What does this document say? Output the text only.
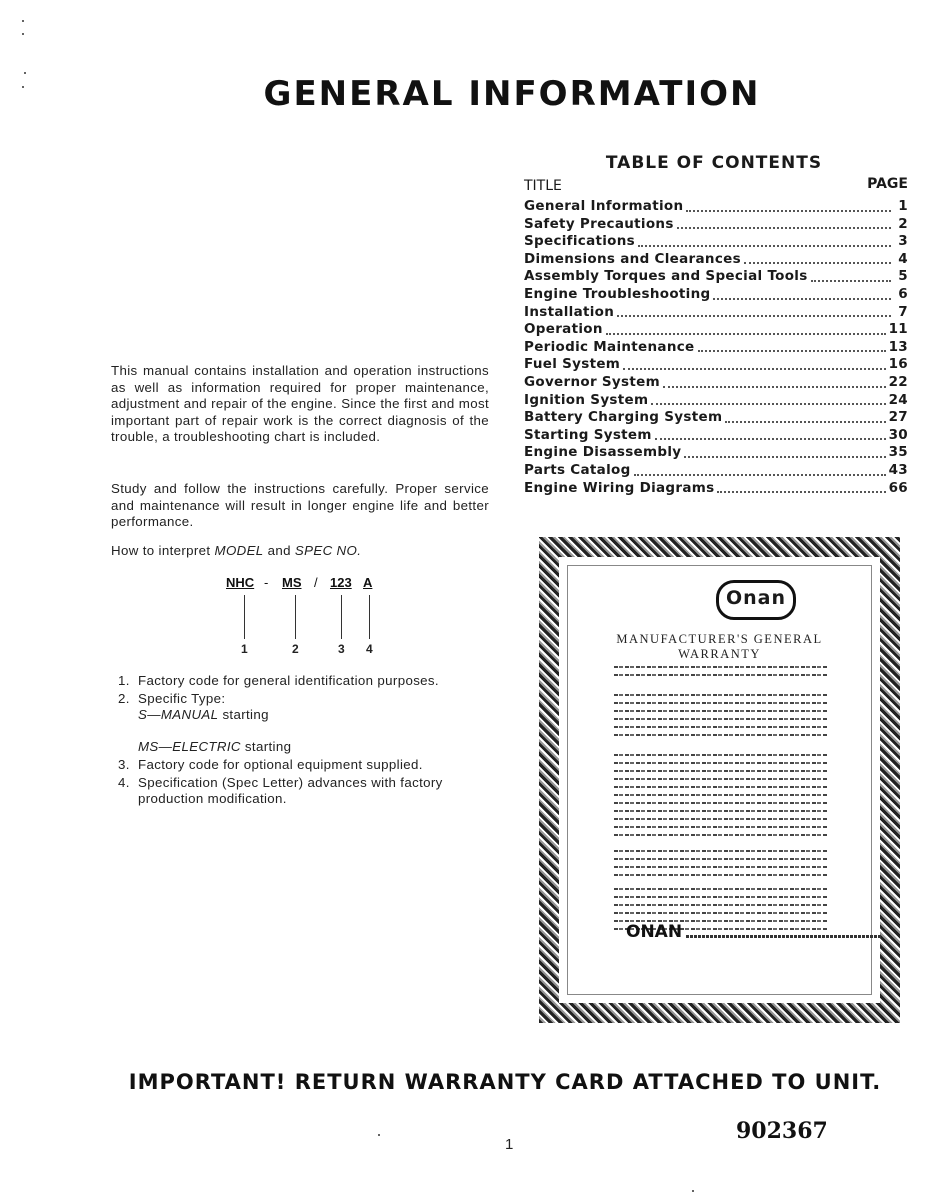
GENERAL INFORMATION
TABLE OF CONTENTS
TITLE	PAGE
General Information	1
Safety Precautions	2
Specifications	3
Dimensions and Clearances	4
Assembly Torques and Special Tools	5
Engine Troubleshooting	6
Installation	7
Operation	11
Periodic Maintenance	13
Fuel System	16
Governor System	22
Ignition System	24
Battery Charging System	27
Starting System	30
Engine Disassembly	35
Parts Catalog	43
Engine Wiring Diagrams	66
This manual contains installation and operation instructions as well as information required for proper maintenance, adjustment and repair of the engine. Since the first and most important part of repair work is the correct diagnosis of the trouble, a troubleshooting chart is included.
Study and follow the instructions carefully. Proper service and maintenance will result in longer engine life and better performance.
How to interpret MODEL and SPEC NO.
NHC - MS / 123 A
1	2	3 4
1. Factory code for general identification purposes.
2. Specific Type:
S—MANUAL starting
MS—ELECTRIC starting
3. Factory code for optional equipment supplied.
4. Specification (Spec Letter) advances with factory production modification.
Onan
MANUFACTURER'S GENERAL
WARRANTY
ONAN
IMPORTANT! RETURN WARRANTY CARD ATTACHED TO UNIT.
1
902367
